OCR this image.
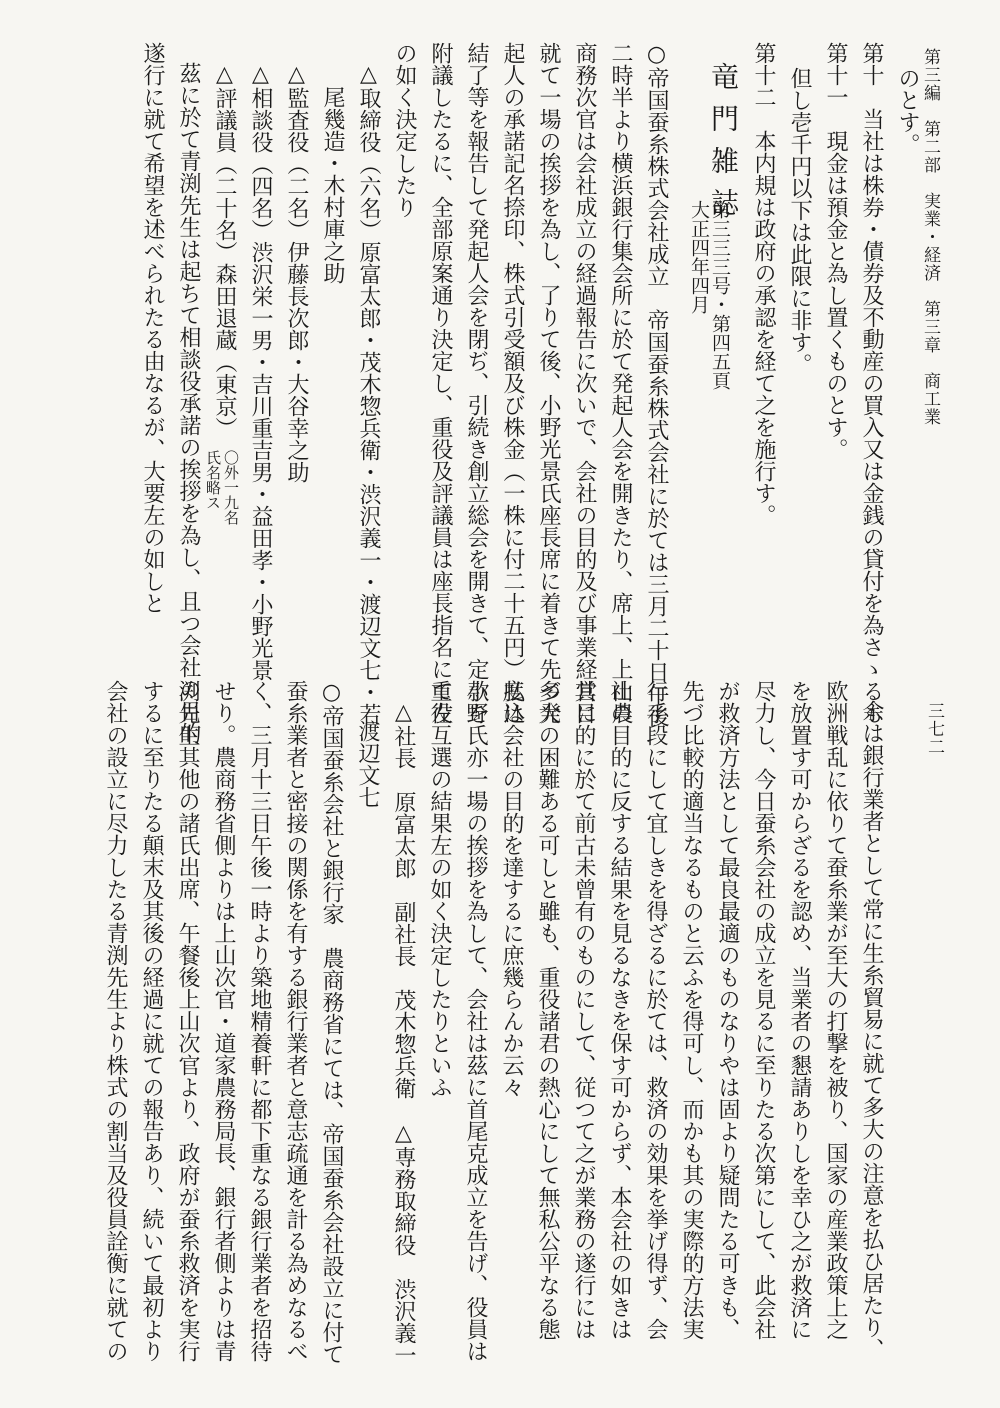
第三編　第二部　実業・経済　第三章　商工業
三七二
第十　当社は株券・債券及不動産の買入又は金銭の貸付を為さゝるも のとす。
第十一　現金は預金と為し置くものとす。
但し壱千円以下は此限に非す。
第十二　本内規は政府の承認を経て之を施行す。
竜門雑誌
第三三三号・第四五頁
大正四年四月
○帝国蚕糸株式会社成立　帝国蚕糸株式会社に於ては三月二十日午後
二時半より横浜銀行集会所に於て発起人会を開きたり、席上、上山農
商務次官は会社成立の経過報告に次いで、会社の目的及び事業経営に
就て一場の挨拶を為し、了りて後、小野光景氏座長席に着きて先づ発
起人の承諾記名捺印、株式引受額及び株金（一株に付二十五円）払込
結了等を報告して発起人会を閉ぢ、引続き創立総会を開きて、定款を
附議したるに、全部原案通り決定し、重役及評議員は座長指名にて左
の如く決定したり
△取締役（六名）原富太郎・茂木惣兵衛・渋沢義一・渡辺文七・若
尾幾造・木村庫之助
△監査役（二名）伊藤長次郎・大谷幸之助
△相談役（四名）渋沢栄一男・吉川重吉男・益田孝・小野光景
△評議員（二十名）森田退蔵（東京）
〇外一九名
氏名略ス
茲に於て青渕先生は起ちて相談役承諾の挨拶を為し、且つ会社の目的
遂行に就て希望を述べられたる由なるが、大要左の如しと
余は銀行業者として常に生糸貿易に就て多大の注意を払ひ居たり、
欧洲戦乱に依りて蚕糸業が至大の打撃を被り、国家の産業政策上之
を放置す可からざるを認め、当業者の懇請ありしを幸ひ之が救済に
尽力し、今日蚕糸会社の成立を見るに至りたる次第にして、此会社
が救済方法として最良最適のものなりやは固より疑問たる可きも、
先づ比較的適当なるものと云ふを得可し、而かも其の実際的方法実
行手段にして宜しきを得ざるに於ては、救済の効果を挙げ得ず、会
社の目的に反する結果を見るなきを保す可からず、本会社の如きは
其目的に於て前古未曾有のものにして、従つて之が業務の遂行には
多大の困難ある可しと雖も、重役諸君の熱心にして無私公平なる態
度は会社の目的を達するに庶幾らんか云々
小野氏亦一場の挨拶を為して、会社は茲に首尾克成立を告げ、役員は
重役互選の結果左の如く決定したりといふ
△社長　原富太郎　副社長　茂木惣兵衛　△専務取締役　渋沢義一
渡辺文七
○帝国蚕糸会社と銀行家　農商務省にては、帝国蚕糸会社設立に付て
蚕糸業者と密接の関係を有する銀行業者と意志疏通を計る為めなるべ
く、三月十三日午後一時より築地精養軒に都下重なる銀行業者を招待
せり。農商務省側よりは上山次官・道家農務局長、銀行者側よりは青
渕先生其他の諸氏出席、午餐後上山次官より、政府が蚕糸救済を実行
するに至りたる顛末及其後の経過に就ての報告あり、続いて最初より
会社の設立に尽力したる青渕先生より株式の割当及役員詮衡に就ての
